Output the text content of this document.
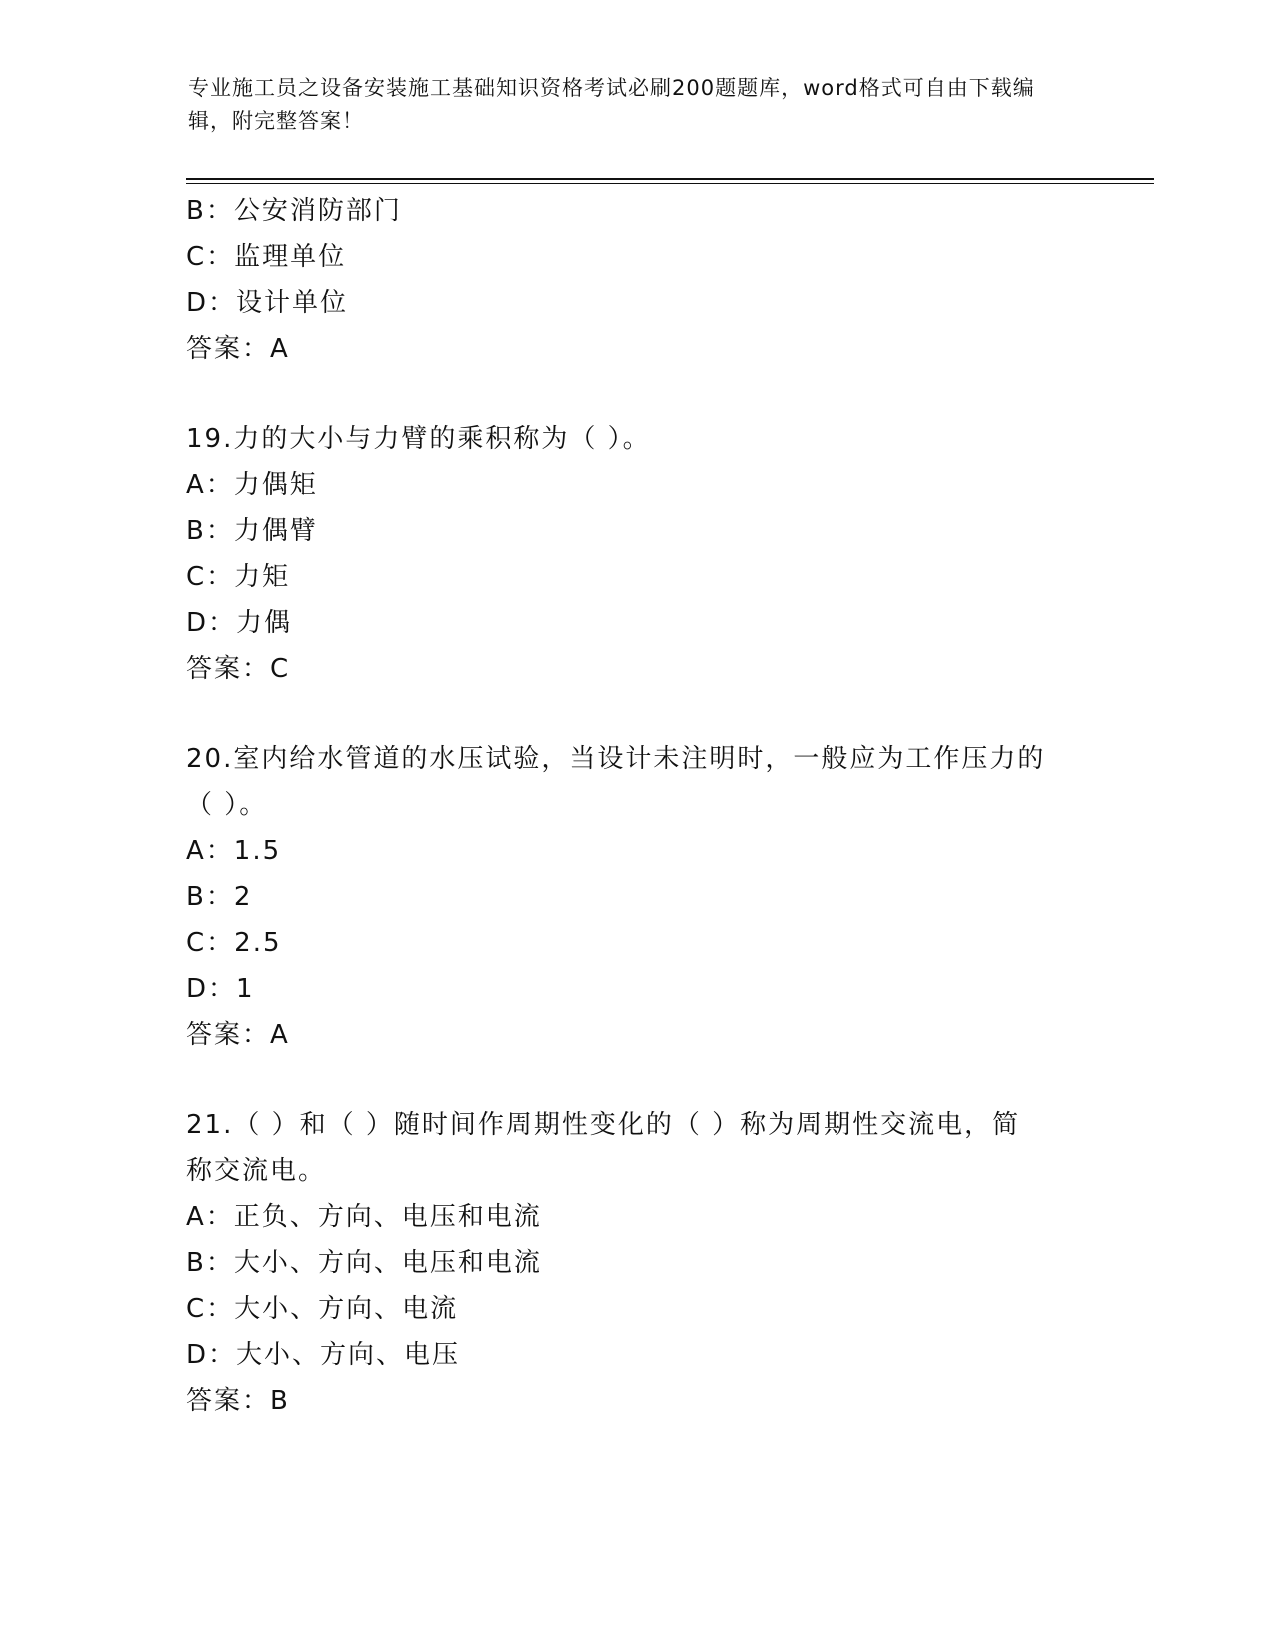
专业施工员之设备安装施工基础知识资格考试必刷200题题库，word格式可自由下载编辑，附完整答案！
B：公安消防部门
C：监理单位
D：设计单位
答案：A
19.力的大小与力臂的乘积称为（ ）。
A：力偶矩
B：力偶臂
C：力矩
D：力偶
答案：C
20.室内给水管道的水压试验，当设计未注明时，一般应为工作压力的
（ ）。
A：1.5
B：2
C：2.5
D：1
答案：A
21.（ ）和（ ）随时间作周期性变化的（ ）称为周期性交流电，简
称交流电。
A：正负、方向、电压和电流
B：大小、方向、电压和电流
C：大小、方向、电流
D：大小、方向、电压
答案：B
